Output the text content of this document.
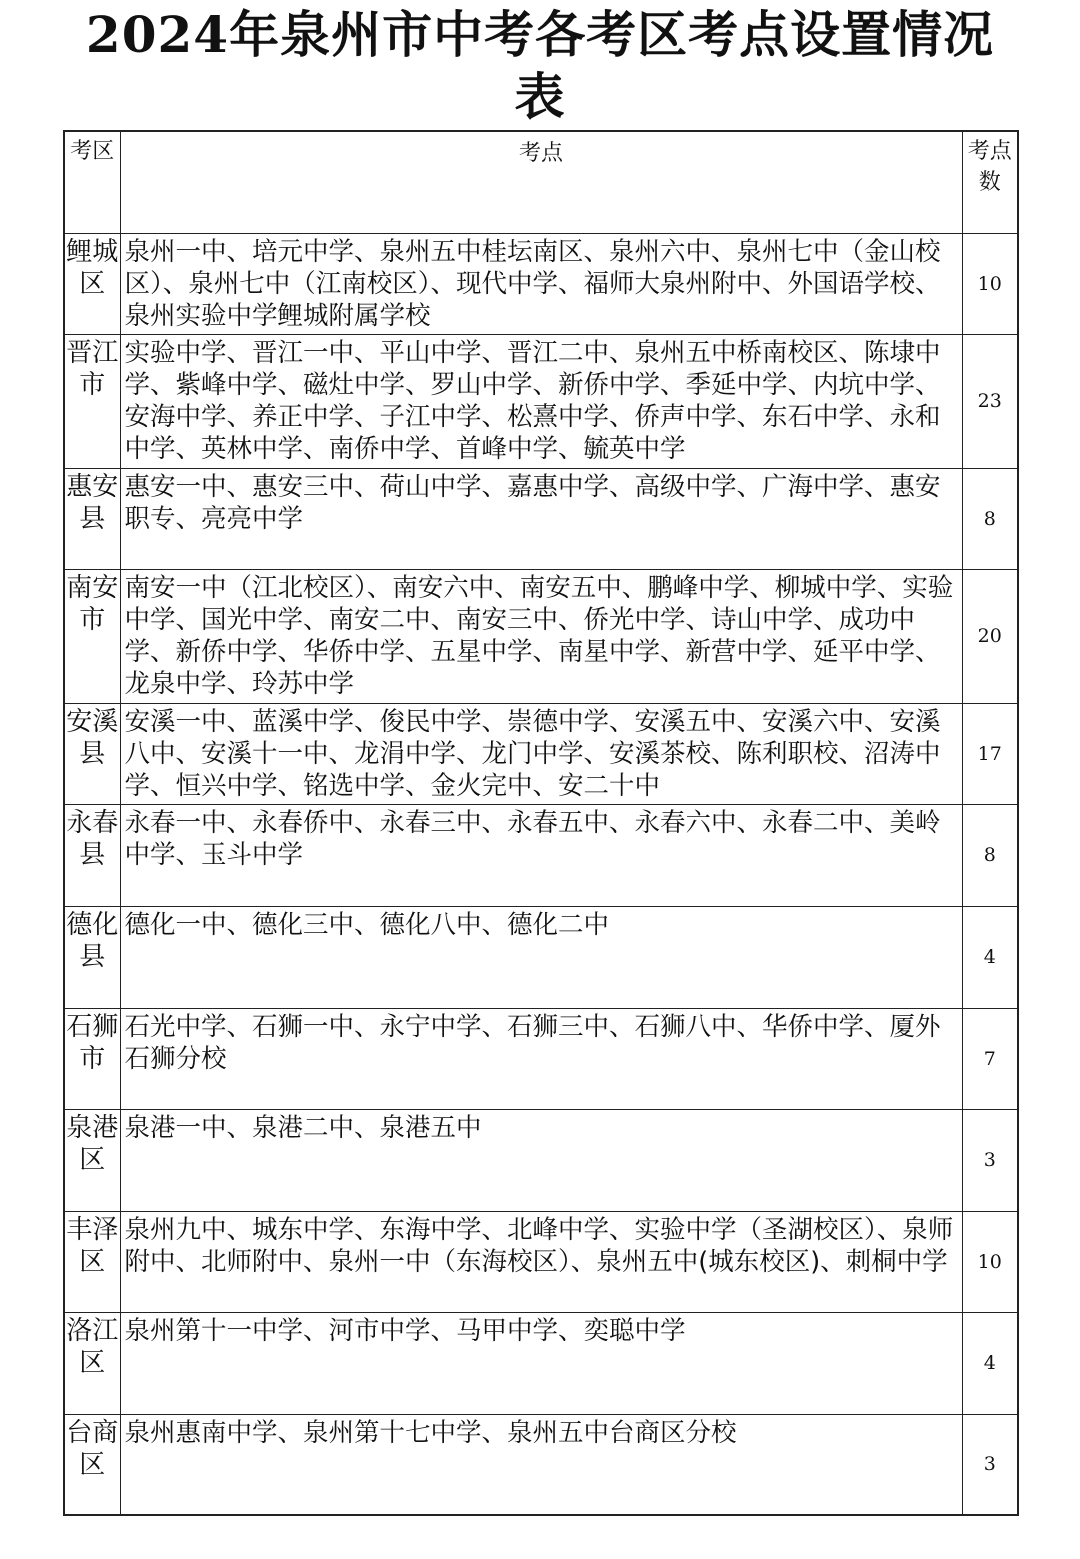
2024年泉州市中考各考区考点设置情况
表
考区	考点	考点数

鲤城区	泉州一中、培元中学、泉州五中桂坛南区、泉州六中、泉州七中（金山校区）、泉州七中（江南校区）、现代中学、福师大泉州附中、外国语学校、泉州实验中学鲤城附属学校	10

晋江市	实验中学、晋江一中、平山中学、晋江二中、泉州五中桥南校区、陈埭中学、紫峰中学、磁灶中学、罗山中学、新侨中学、季延中学、内坑中学、安海中学、养正中学、子江中学、松熹中学、侨声中学、东石中学、永和中学、英林中学、南侨中学、首峰中学、毓英中学	23

惠安县	惠安一中、惠安三中、荷山中学、嘉惠中学、高级中学、广海中学、惠安职专、亮亮中学	8

南安市	南安一中（江北校区）、南安六中、南安五中、鹏峰中学、柳城中学、实验中学、国光中学、南安二中、南安三中、侨光中学、诗山中学、成功中学、新侨中学、华侨中学、五星中学、南星中学、新营中学、延平中学、龙泉中学、玲苏中学	20

安溪县	安溪一中、蓝溪中学、俊民中学、崇德中学、安溪五中、安溪六中、安溪八中、安溪十一中、龙涓中学、龙门中学、安溪茶校、陈利职校、沼涛中学、恒兴中学、铭选中学、金火完中、安二十中	17

永春县	永春一中、永春侨中、永春三中、永春五中、永春六中、永春二中、美岭中学、玉斗中学	8

德化县	德化一中、德化三中、德化八中、德化二中	4

石狮市	石光中学、石狮一中、永宁中学、石狮三中、石狮八中、华侨中学、厦外石狮分校	7

泉港区	泉港一中、泉港二中、泉港五中	3

丰泽区	泉州九中、城东中学、东海中学、北峰中学、实验中学（圣湖校区）、泉师附中、北师附中、泉州一中（东海校区）、泉州五中(城东校区)、刺桐中学	10

洛江区	泉州第十一中学、河市中学、马甲中学、奕聪中学	4

台商区	泉州惠南中学、泉州第十七中学、泉州五中台商区分校	3
